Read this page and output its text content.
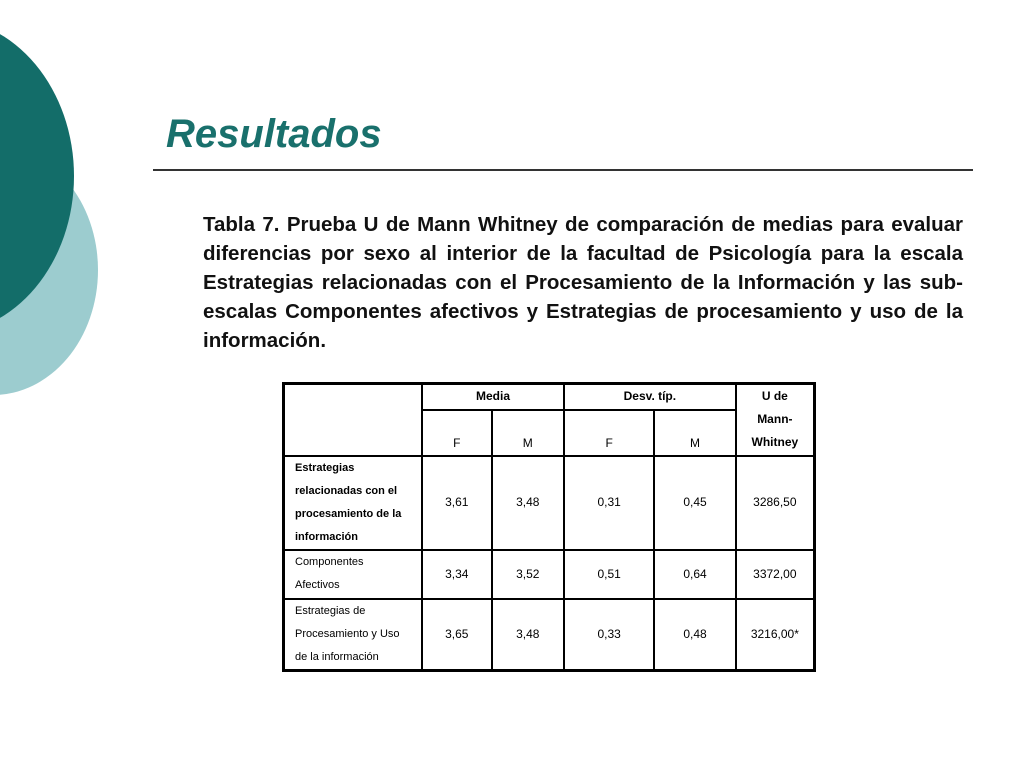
Resultados

Tabla 7. Prueba U de Mann Whitney de comparación de medias para evaluar diferencias por sexo al interior de la facultad de Psicología para la escala Estrategias relacionadas con el Procesamiento de la Información y las sub-escalas Componentes afectivos y Estrategias de procesamiento y uso de la información.

	Media		Desv. típ.		U de
Mann-
Whitney

	F	M	F	M	

Estrategias
relacionadas con el
procesamiento de la
información	3,61	3,48	0,31	0,45	3286,50

Componentes
Afectivos	3,34	3,52	0,51	0,64	3372,00

Estrategias de
Procesamiento y Uso
de la información	3,65	3,48	0,33	0,48	3216,00*
